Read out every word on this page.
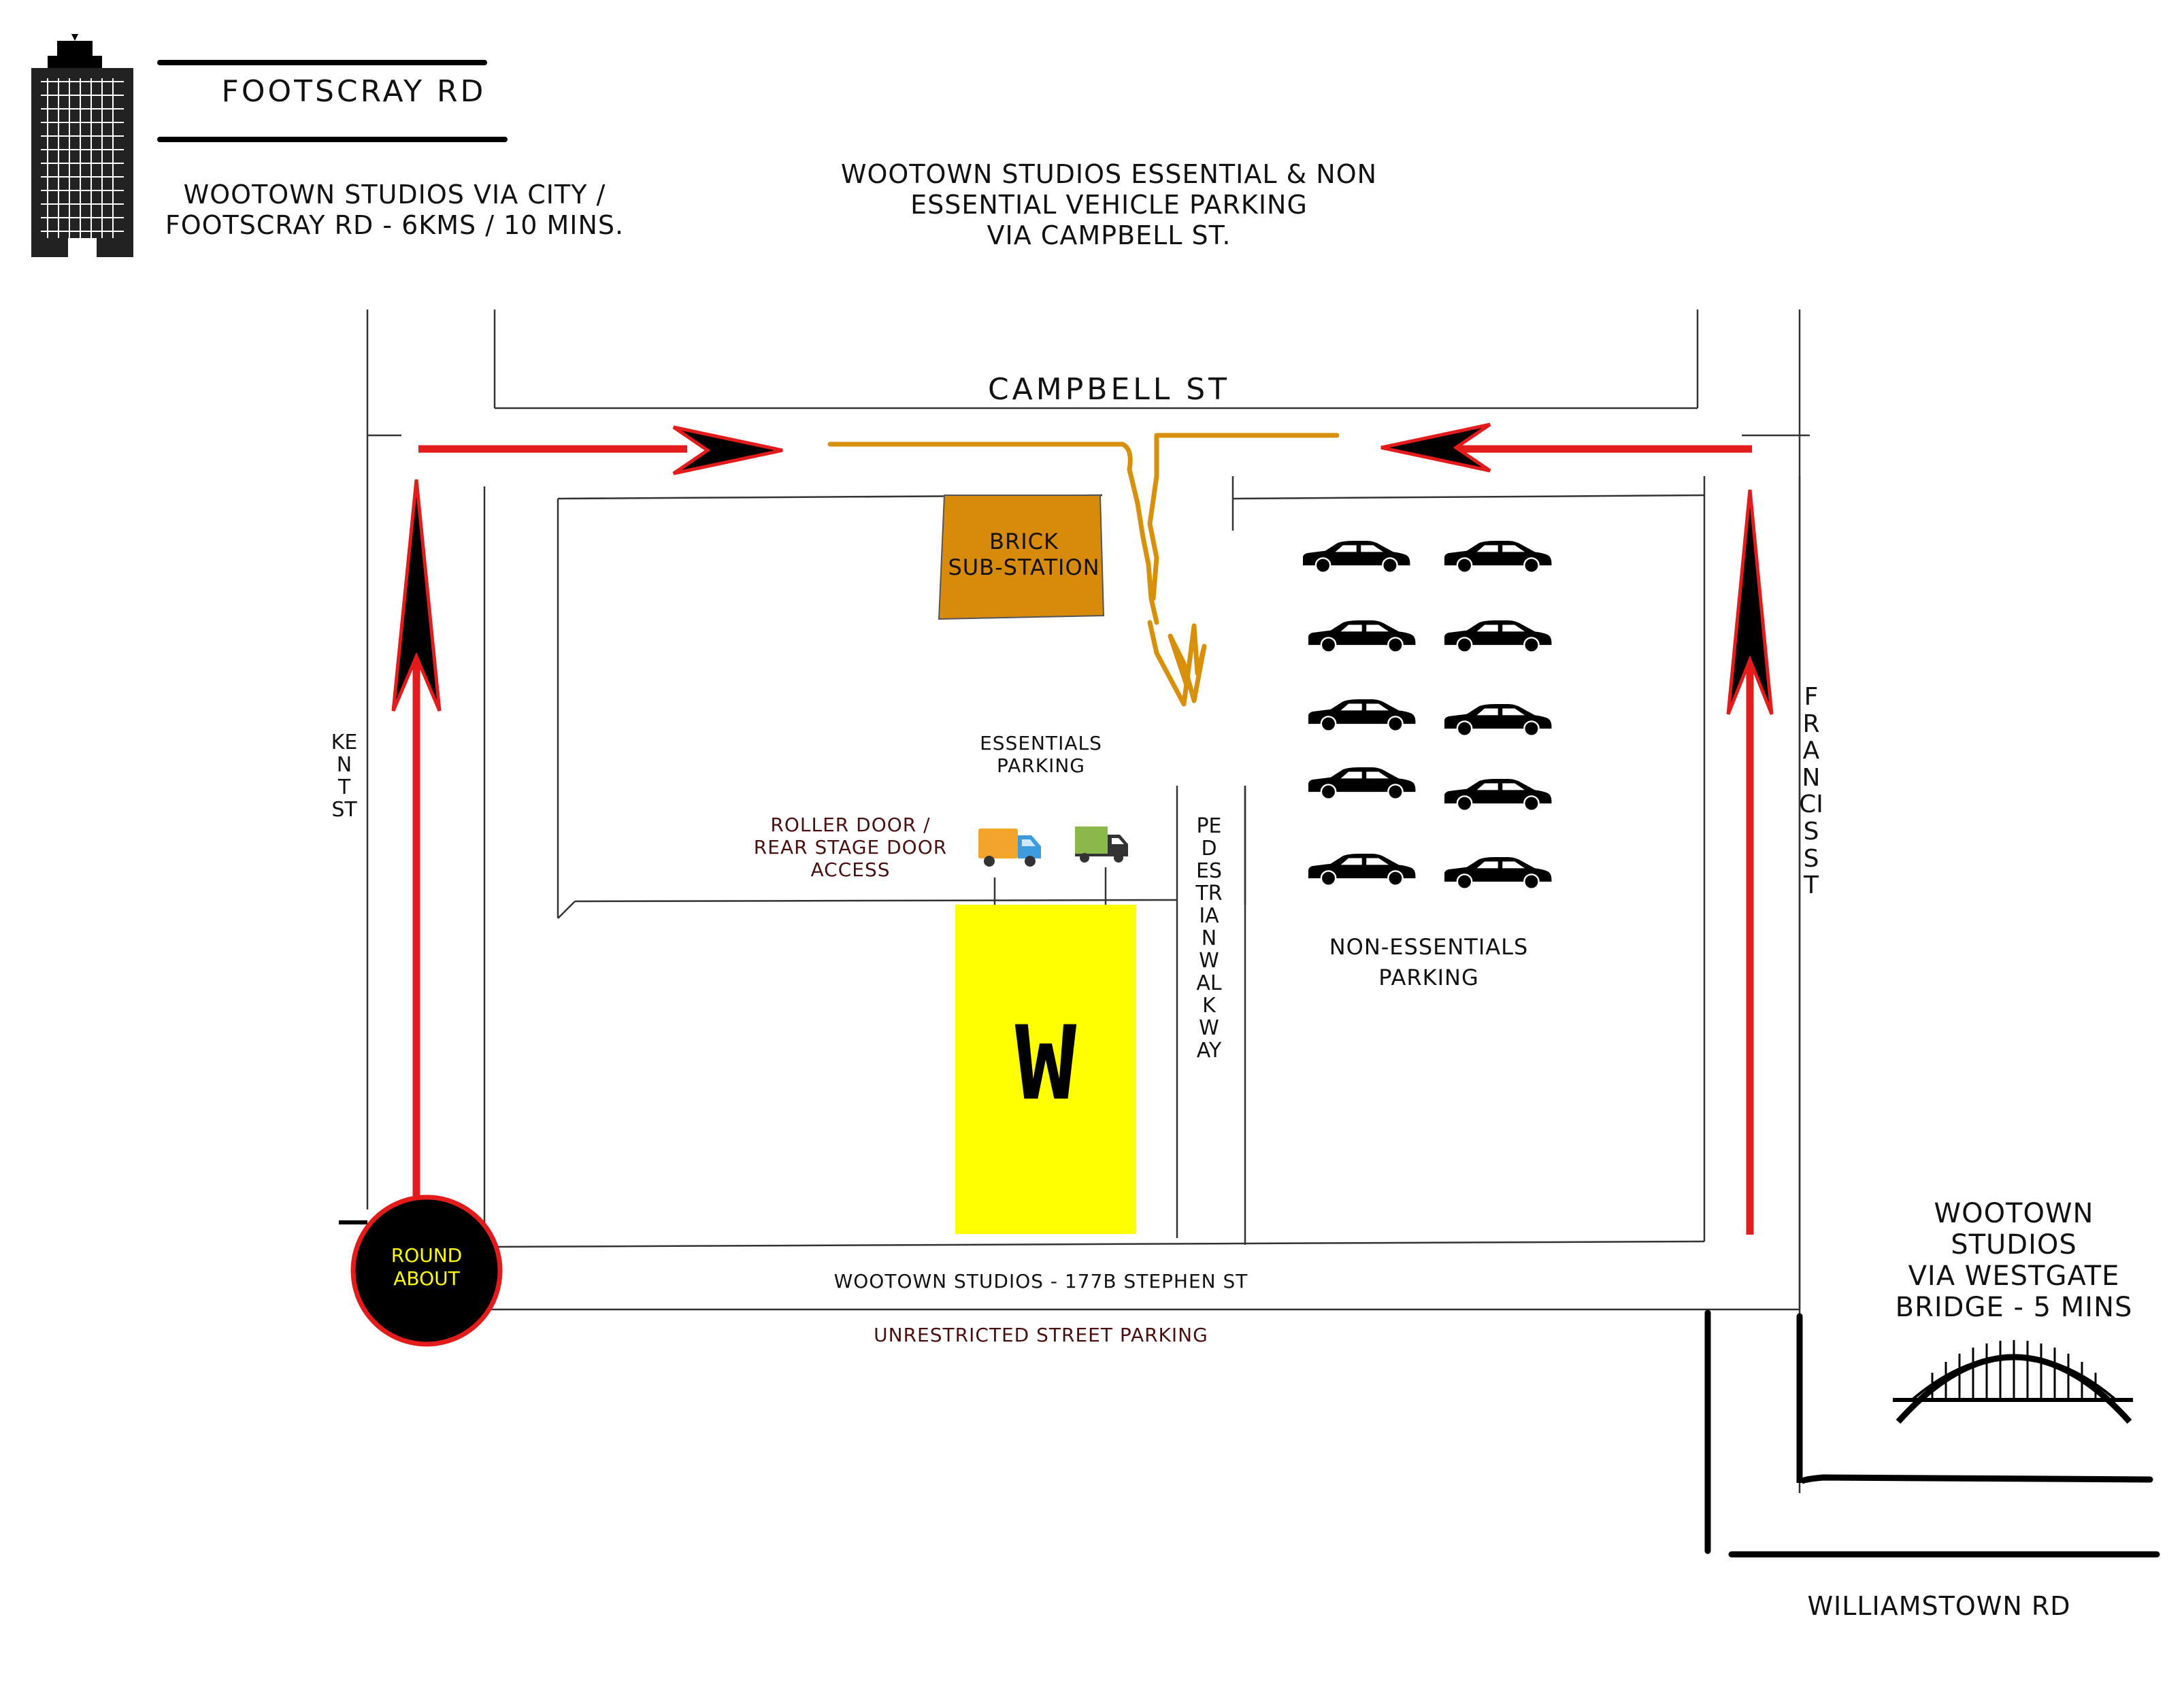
FOOTSCRAY RD
WOOTOWN STUDIOS VIA CITY /
FOOTSCRAY RD - 6KMS / 10 MINS.
WOOTOWN STUDIOS ESSENTIAL & NON
ESSENTIAL VEHICLE PARKING
VIA CAMPBELL ST.
CAMPBELL ST
KENT ST
FRANCIS ST
PEDESTRIAN WALKWAY
BRICK
SUB-STATION
ESSENTIALS
PARKING
NON-ESSENTIALS
PARKING
ROLLER DOOR /
REAR STAGE DOOR
ACCESS
W
ROUND
ABOUT	WOOTOWN STUDIOS - 177B STEPHEN ST
UNRESTRICTED STREET PARKING
WOOTOWN
STUDIOS
VIA WESTGATE
BRIDGE - 5 MINS
WILLIAMSTOWN RD
